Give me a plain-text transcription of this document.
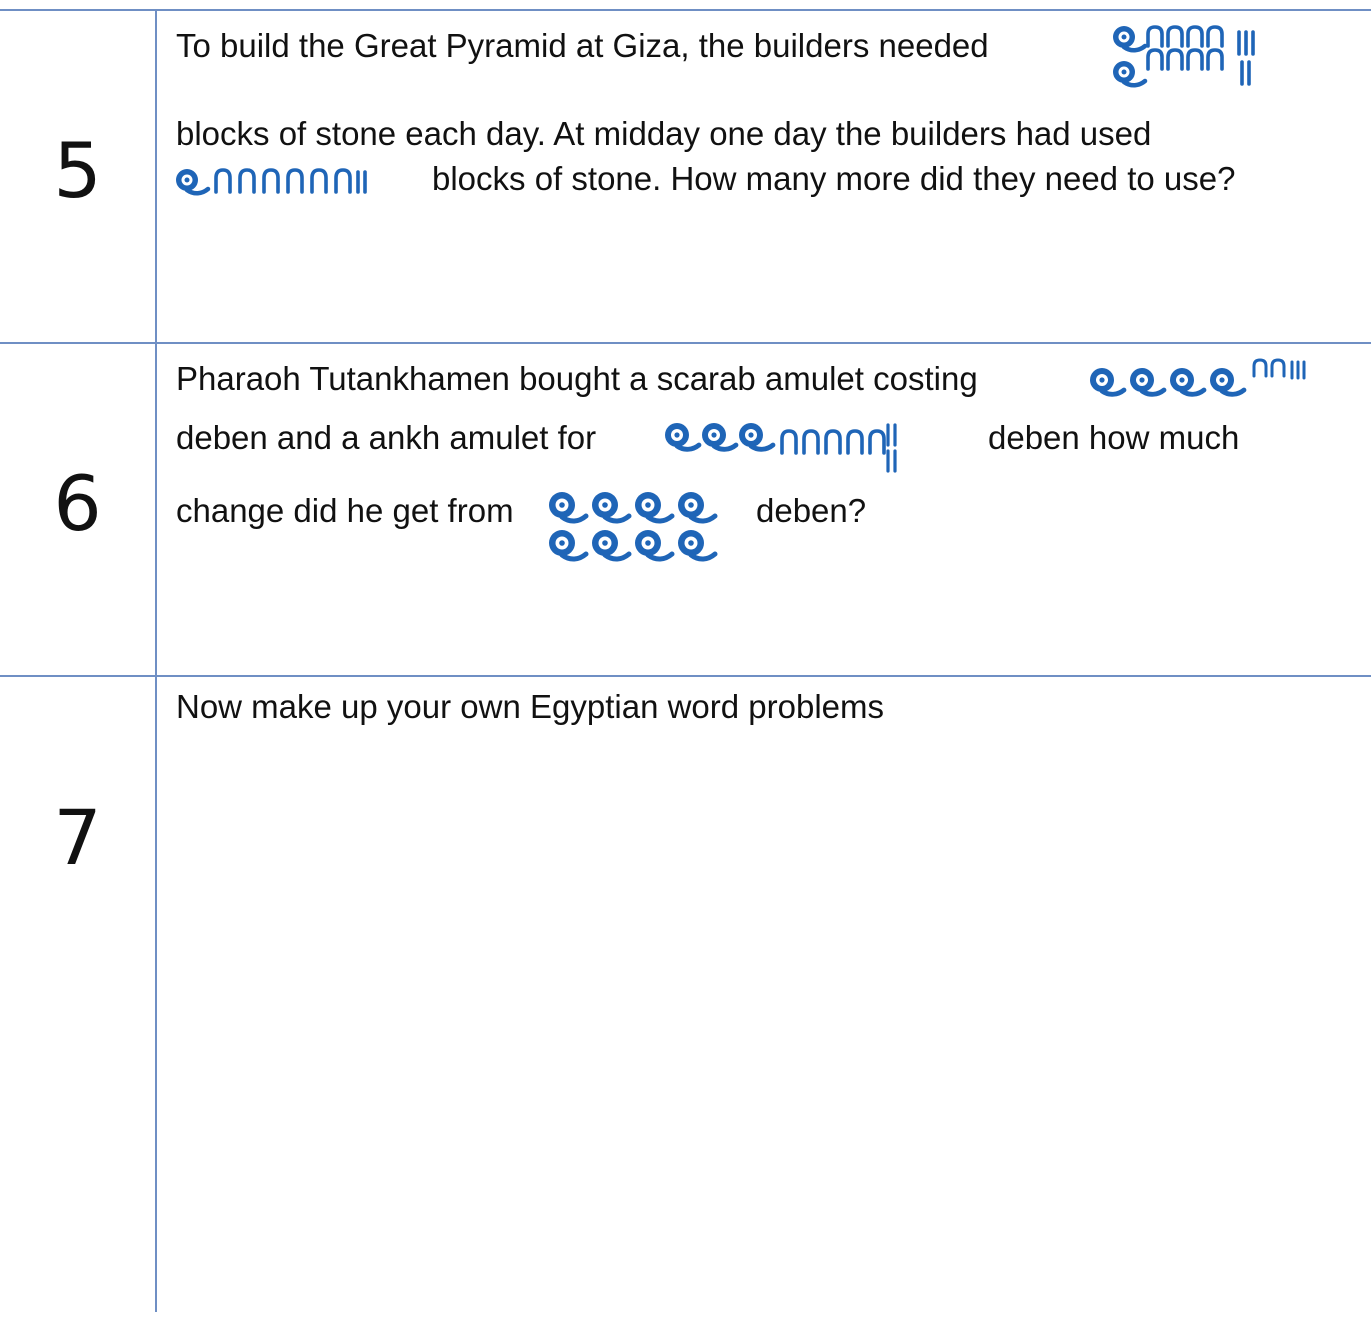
5
To build the Great Pyramid at Giza, the builders needed
blocks of stone each day. At midday one day the builders had used
blocks of stone. How many more did they need to use?
6
Pharaoh Tutankhamen bought a scarab amulet costing
deben and a ankh amulet for	deben how much
change did he get from	deben?
7
Now make up your own Egyptian word problems
